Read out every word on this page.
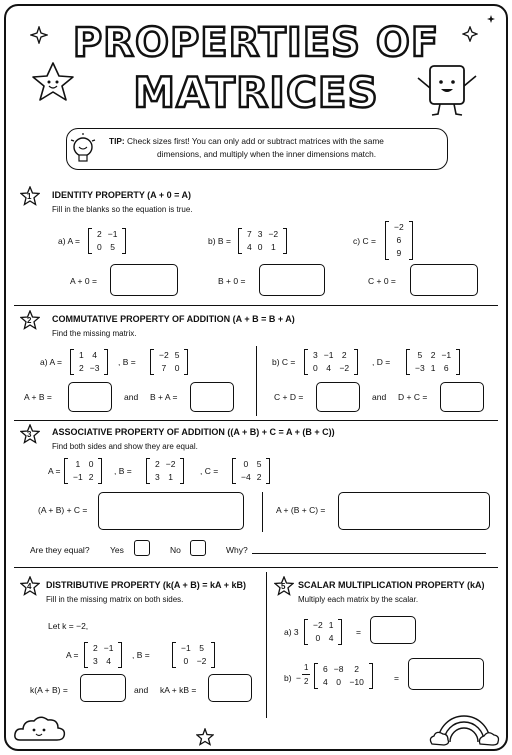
PROPERTIES OF
MATRICES
TIP: Check sizes first! You can only add or subtract matrices with the same
dimensions, and multiply when the inner dimensions match.
1 IDENTITY PROPERTY (A + 0 = A)
Fill in the blanks so the equation is true.
a) A =
2	−1
0	5
b) B =
7	3	−2
4	0	1
c) C =
−2
6
9
A + 0 =	B + 0 =	C + 0 =
2 COMMUTATIVE PROPERTY OF ADDITION (A + B = B + A)
Find the missing matrix.
a) A =
1	4
2	−3
, B =
−2	5
7	0
b) C =
3	−1	2
0	4	−2
, D =
5	2	−1
−3	1	6
A + B =	and B + A =	C + D =	and D + C =
3 ASSOCIATIVE PROPERTY OF ADDITION ((A + B) + C = A + (B + C))
Find both sides and show they are equal.
A =
1	0
−1	2
, B =
2	−2
3	1
, C =
0	5
−4	2
(A + B) + C =	A + (B + C) =
Are they equal? Yes	No	Why?
4 DISTRIBUTIVE PROPERTY (k(A + B) = kA + kB)
Fill in the missing matrix on both sides.
Let k = −2,
A =
2	−1
3	4
, B =
−1	5
0	−2
k(A + B) =	and kA + kB =
5 SCALAR MULTIPLICATION PROPERTY (kA)
Multiply each matrix by the scalar.
a) 3
−2	1
0	4
=
b) −
1
2
6	−8	2
4	0	−10	=
